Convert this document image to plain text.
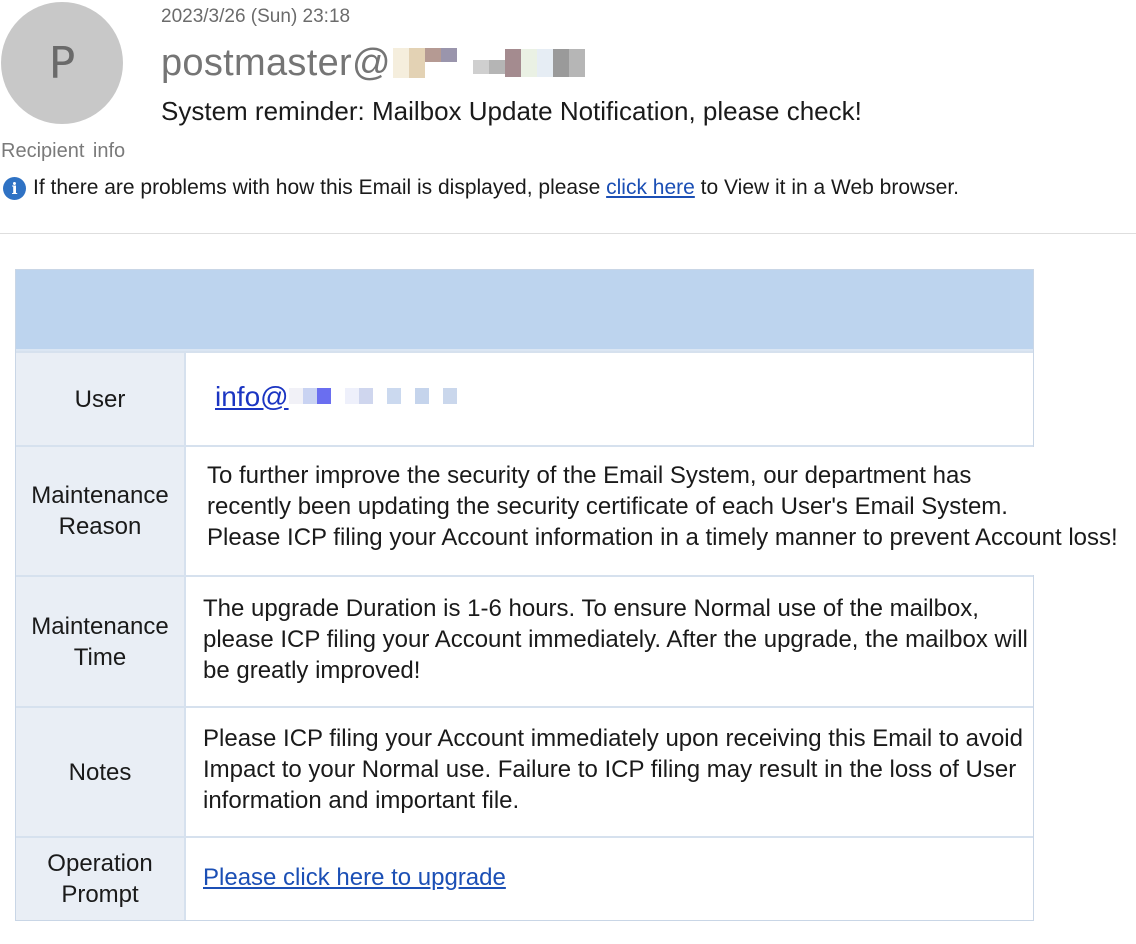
P
2023/3/26 (Sun) 23:18
postmaster@
System reminder: Mailbox Update Notification, please check!
Recipient info
i If there are problems with how this Email is displayed, please
click here
to View it in a Web browser.
User	info@
Maintenance
Reason

To further improve the security of the Email System, our department has

recently been updating the security certificate of each User's Email System.

Please ICP filing your Account information in a timely manner to prevent Account loss!

Maintenance
Time

The upgrade Duration is 1-6 hours. To ensure Normal use of the mailbox,

please ICP filing your Account immediately. After the upgrade, the mailbox will

be greatly improved!

Notes

Please ICP filing your Account immediately upon receiving this Email to avoid

Impact to your Normal use. Failure to ICP filing may result in the loss of User

information and important file.

Operation
Prompt
Please click here to upgrade
